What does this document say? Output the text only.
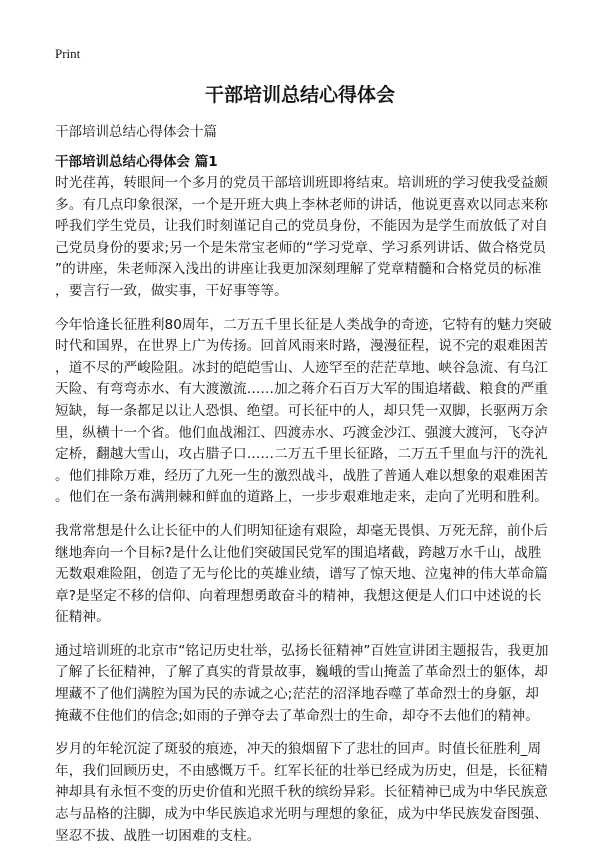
Print
干部培训总结心得体会
干部培训总结心得体会十篇
干部培训总结心得体会 篇1
时光荏苒，转眼间一个多月的党员干部培训班即将结束。培训班的学习使我受益颇
多。有几点印象很深，一个是开班大典上李林老师的讲话，他说更喜欢以同志来称
呼我们学生党员，让我们时刻谨记自己的党员身份，不能因为是学生而放低了对自
己党员身份的要求;另一个是朱常宝老师的“学习党章、学习系列讲话、做合格党员
”的讲座，朱老师深入浅出的讲座让我更加深刻理解了党章精髓和合格党员的标准
，要言行一致，做实事，干好事等等。
今年恰逢长征胜利80周年，二万五千里长征是人类战争的奇迹，它特有的魅力突破
时代和国界，在世界上广为传扬。回首风雨来时路，漫漫征程，说不完的艰难困苦
，道不尽的严峻险阻。冰封的皑皑雪山、人迹罕至的茫茫草地、峡谷急流、有乌江
天险、有弯弯赤水、有大渡激流……加之蒋介石百万大军的围追堵截、粮食的严重
短缺，每一条都足以让人恐惧、绝望。可长征中的人，却只凭一双脚，长驱两万余
里，纵横十一个省。他们血战湘江、四渡赤水、巧渡金沙江、强渡大渡河，飞夺泸
定桥，翻越大雪山，攻占腊子口……二万五千里长征路，二万五千里血与汗的洗礼
。他们排除万难，经历了九死一生的激烈战斗，战胜了普通人难以想象的艰难困苦
。他们在一条布满荆棘和鲜血的道路上，一步步艰难地走来，走向了光明和胜利。
我常常想是什么让长征中的人们明知征途有艰险，却毫无畏惧、万死无辞，前仆后
继地奔向一个目标?是什么让他们突破国民党军的围追堵截，跨越万水千山，战胜
无数艰难险阻，创造了无与伦比的英雄业绩，谱写了惊天地、泣鬼神的伟大革命篇
章?是坚定不移的信仰、向着理想勇敢奋斗的精神，我想这便是人们口中述说的长
征精神。
通过培训班的北京市“铭记历史壮举，弘扬长征精神”百姓宣讲团主题报告，我更加
了解了长征精神，了解了真实的背景故事，巍峨的雪山掩盖了革命烈士的躯体，却
埋藏不了他们满腔为国为民的赤诚之心;茫茫的沼泽地吞噬了革命烈士的身躯，却
掩藏不住他们的信念;如雨的子弹夺去了革命烈士的生命，却夺不去他们的精神。
岁月的年轮沉淀了斑驳的痕迹，冲天的狼烟留下了悲壮的回声。时值长征胜利_周
年，我们回顾历史，不由感慨万千。红军长征的壮举已经成为历史，但是，长征精
神却具有永恒不变的历史价值和光照千秋的缤纷异彩。长征精神已成为中华民族意
志与品格的注脚，成为中华民族追求光明与理想的象征，成为中华民族发奋图强、
坚忍不拔、战胜一切困难的支柱。
